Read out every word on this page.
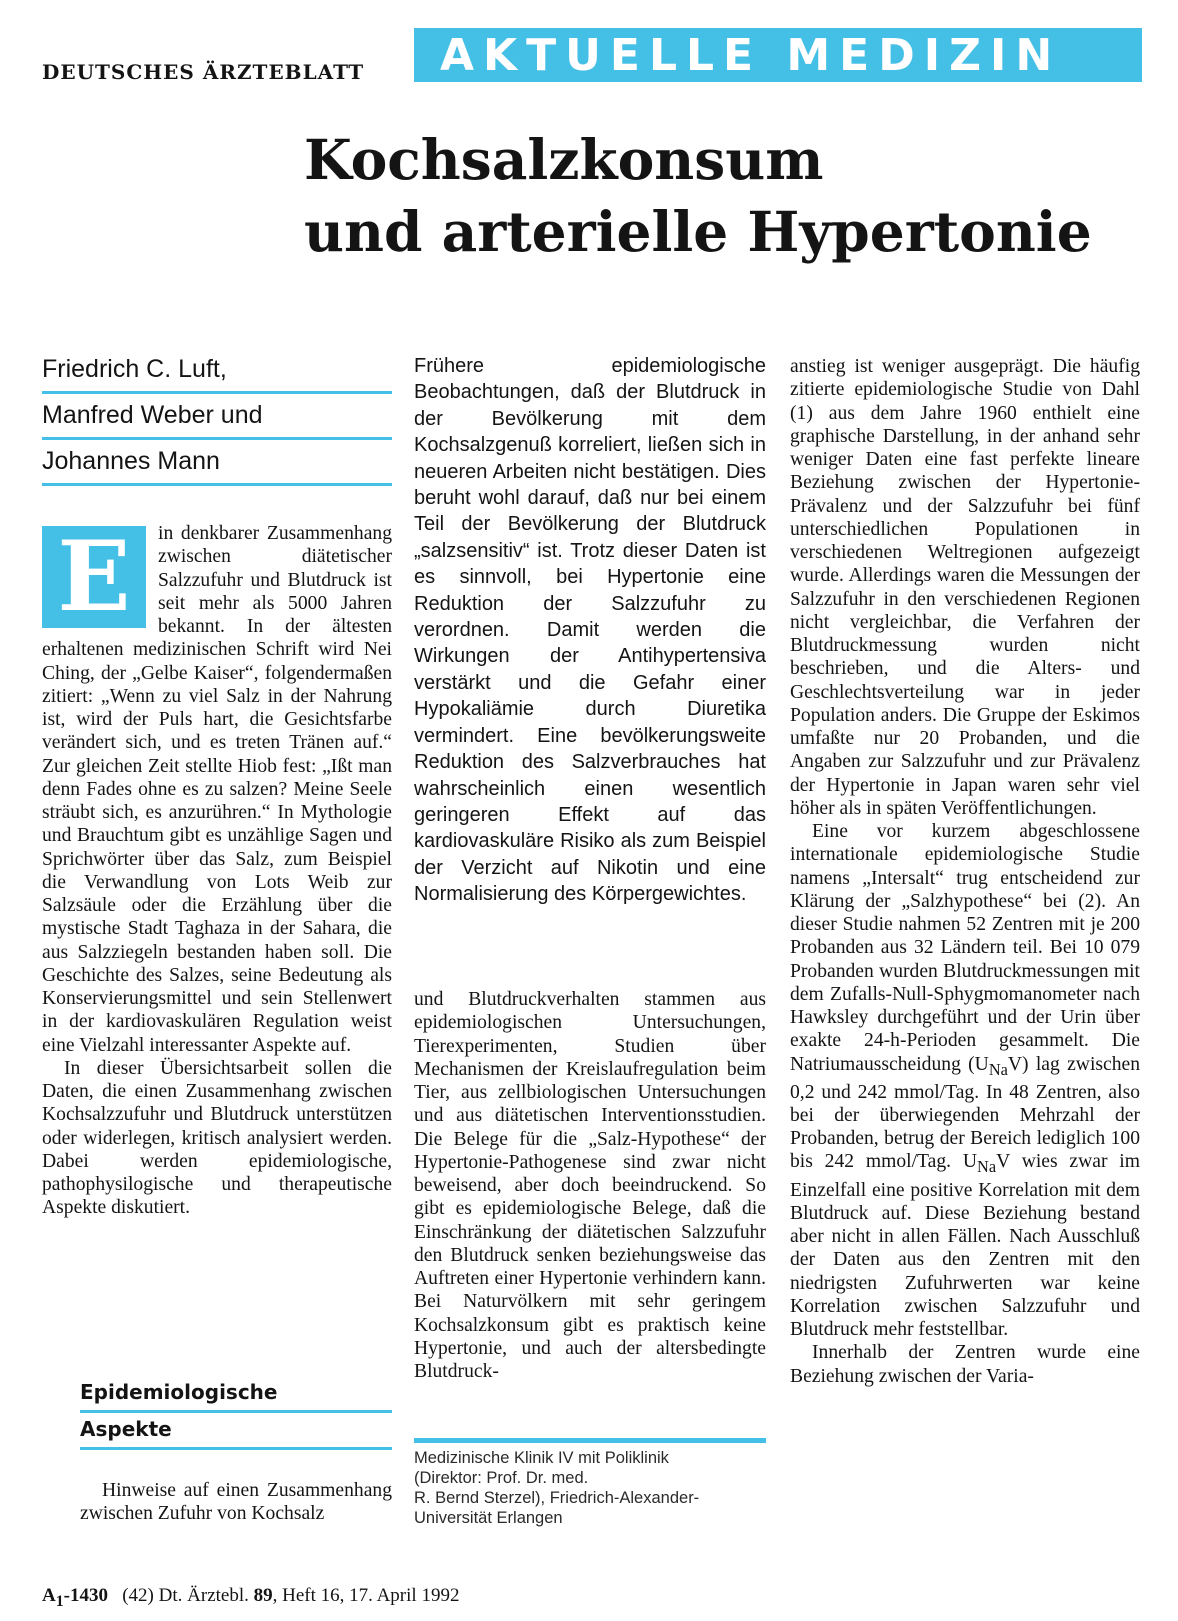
DEUTSCHES ÄRZTEBLATT AKTUELLE MEDIZIN
Kochsalzkonsum
und arterielle Hypertonie
Friedrich C. Luft,
Manfred Weber und
Johannes Mann
E	in denkbarer Zusammenhang zwischen diätetischer Salzzufuhr und Blutdruck ist seit mehr als 5000 Jahren bekannt. In der ältesten erhaltenen medizinischen Schrift wird Nei Ching, der „Gelbe Kaiser“, folgendermaßen zitiert: „Wenn zu viel Salz in der Nahrung ist, wird der Puls hart, die Gesichtsfarbe verändert sich, und es treten Tränen auf.“ Zur gleichen Zeit stellte Hiob fest: „Ißt man denn Fades ohne es zu salzen? Meine Seele sträubt sich, es anzurühren.“ In Mythologie und Brauchtum gibt es unzählige Sagen und Sprichwörter über das Salz, zum Beispiel die Verwandlung von Lots Weib zur Salzsäule oder die Erzählung über die mystische Stadt Taghaza in der Sahara, die aus Salzziegeln bestanden haben soll. Die Geschichte des Salzes, seine Bedeutung als Konservierungsmittel und sein Stellenwert in der kardiovaskulären Regulation weist eine Vielzahl interessanter Aspekte auf.

In dieser Übersichtsarbeit sollen die Daten, die einen Zusammenhang zwischen Kochsalzzufuhr und Blutdruck unterstützen oder widerlegen, kritisch analysiert werden. Dabei werden epidemiologische, pathophysilogische und therapeutische Aspekte diskutiert.

Epidemiologische
Aspekte

Hinweise auf einen Zusammenhang zwischen Zufuhr von Kochsalz

Frühere epidemiologische Beobachtungen, daß der Blutdruck in der Bevölkerung mit dem Kochsalzgenuß korreliert, ließen sich in neueren Arbeiten nicht bestätigen. Dies beruht wohl darauf, daß nur bei einem Teil der Bevölkerung der Blutdruck „salzsensitiv“ ist. Trotz dieser Daten ist es sinnvoll, bei Hypertonie eine Reduktion der Salzzufuhr zu verordnen. Damit werden die Wirkungen der Antihypertensiva verstärkt und die Gefahr einer Hypokaliämie durch Diuretika vermindert. Eine bevölkerungsweite Reduktion des Salzverbrauches hat wahrscheinlich einen wesentlich geringeren Effekt auf das kardiovaskuläre Risiko als zum Beispiel der Verzicht auf Nikotin und eine Normalisierung des Körpergewichtes.

und Blutdruckverhalten stammen aus epidemiologischen Untersuchungen, Tierexperimenten, Studien über Mechanismen der Kreislaufregulation beim Tier, aus zellbiologischen Untersuchungen und aus diätetischen Interventionsstudien. Die Belege für die „Salz-Hypothese“ der Hypertonie-Pathogenese sind zwar nicht beweisend, aber doch beeindruckend. So gibt es epidemiologische Belege, daß die Einschränkung der diätetischen Salzzufuhr den Blutdruck senken beziehungsweise das Auftreten einer Hypertonie verhindern kann. Bei Naturvölkern mit sehr geringem Kochsalzkonsum gibt es praktisch keine Hypertonie, und auch der altersbedingte Blutdruck-

Medizinische Klinik IV mit Poliklinik
(Direktor: Prof. Dr. med.
R. Bernd Sterzel), Friedrich-Alexander-
Universität Erlangen

anstieg ist weniger ausgeprägt. Die häufig zitierte epidemiologische Studie von Dahl (1) aus dem Jahre 1960 enthielt eine graphische Darstellung, in der anhand sehr weniger Daten eine fast perfekte lineare Beziehung zwischen der Hypertonie-Prävalenz und der Salzzufuhr bei fünf unterschiedlichen Populationen in verschiedenen Weltregionen aufgezeigt wurde. Allerdings waren die Messungen der Salzzufuhr in den verschiedenen Regionen nicht vergleichbar, die Verfahren der Blutdruckmessung wurden nicht beschrieben, und die Alters- und Geschlechtsverteilung war in jeder Population anders. Die Gruppe der Eskimos umfaßte nur 20 Probanden, und die Angaben zur Salzzufuhr und zur Prävalenz der Hypertonie in Japan waren sehr viel höher als in späten Veröffentlichungen.

Eine vor kurzem abgeschlossene internationale epidemiologische Studie namens „Intersalt“ trug entscheidend zur Klärung der „Salzhypothese“ bei (2). An dieser Studie nahmen 52 Zentren mit je 200 Probanden aus 32 Ländern teil. Bei 10 079 Probanden wurden Blutdruckmessungen mit dem Zufalls-Null-Sphygmomanometer nach Hawksley durchgeführt und der Urin über exakte 24-h-Perioden gesammelt. Die Natriumausscheidung $(U_{Na}V)$ lag zwischen 0,2 und 242 mmol/Tag. In 48 Zentren, also bei der überwiegenden Mehrzahl der Probanden, betrug der Bereich lediglich 100 bis 242 mmol/Tag. $U_{Na}V$ wies zwar im Einzelfall eine positive Korrelation mit dem Blutdruck auf. Diese Beziehung bestand aber nicht in allen Fällen. Nach Ausschluß der Daten aus den Zentren mit den niedrigsten Zufuhrwerten war keine Korrelation zwischen Salzzufuhr und Blutdruck mehr feststellbar.

Innerhalb der Zentren wurde eine Beziehung zwischen der Varia-

$A_1-1430$ (42) Dt. Ärztebl. 89, Heft 16, 17. April 1992
